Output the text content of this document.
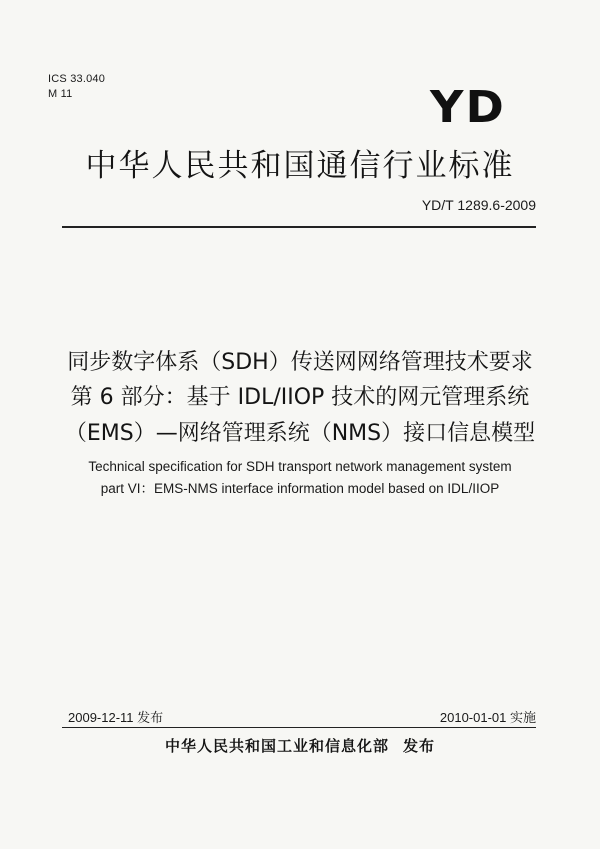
ICS 33.040
M 11	YD
中华人民共和国通信行业标准
YD/T 1289.6-2009
同步数字体系（SDH）传送网网络管理技术要求
第 6 部分：基于 IDL/IIOP 技术的网元管理系统
（EMS）—网络管理系统（NMS）接口信息模型
Technical specification for SDH transport network management system
part VI：EMS-NMS interface information model based on IDL/IIOP
2009-12-11 发布	2010-01-01 实施
中华人民共和国工业和信息化部 发布
